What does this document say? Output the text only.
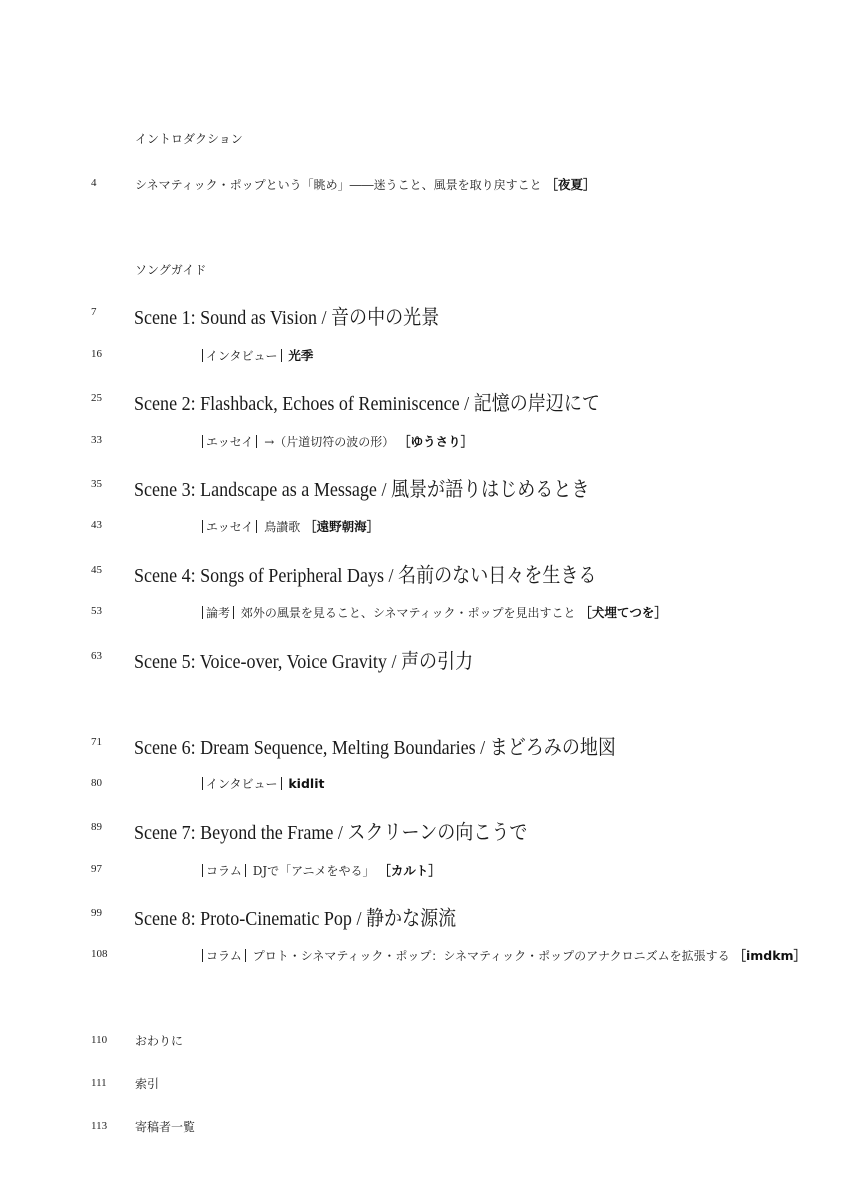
イントロダクション
4	シネマティック・ポップという「眺め」――迷うこと、風景を取り戻すこと ［夜夏］
ソングガイド
7 Scene 1: Sound as Vision / 音の中の光景
16	インタビュー 光季
25 Scene 2: Flashback, Echoes of Reminiscence / 記憶の岸辺にて
33	エッセイ →（片道切符の波の形） ［ゆうさり］
35 Scene 3: Landscape as a Message / 風景が語りはじめるとき
43	エッセイ 鳥讃歌 ［遠野朝海］
45 Scene 4: Songs of Peripheral Days / 名前のない日々を生きる
53	論考 郊外の風景を見ること、シネマティック・ポップを見出すこと ［犬埋てつを］
63 Scene 5: Voice-over, Voice Gravity / 声の引力
71 Scene 6: Dream Sequence, Melting Boundaries / まどろみの地図
80	インタビュー kidlit
89 Scene 7: Beyond the Frame / スクリーンの向こうで
97	コラム DJで「アニメをやる」 ［カルト］
99 Scene 8: Proto-Cinematic Pop / 静かな源流
108	コラム プロト・シネマティック・ポップ：シネマティック・ポップのアナクロニズムを拡張する ［imdkm］
110 おわりに
111 索引
113 寄稿者一覧
